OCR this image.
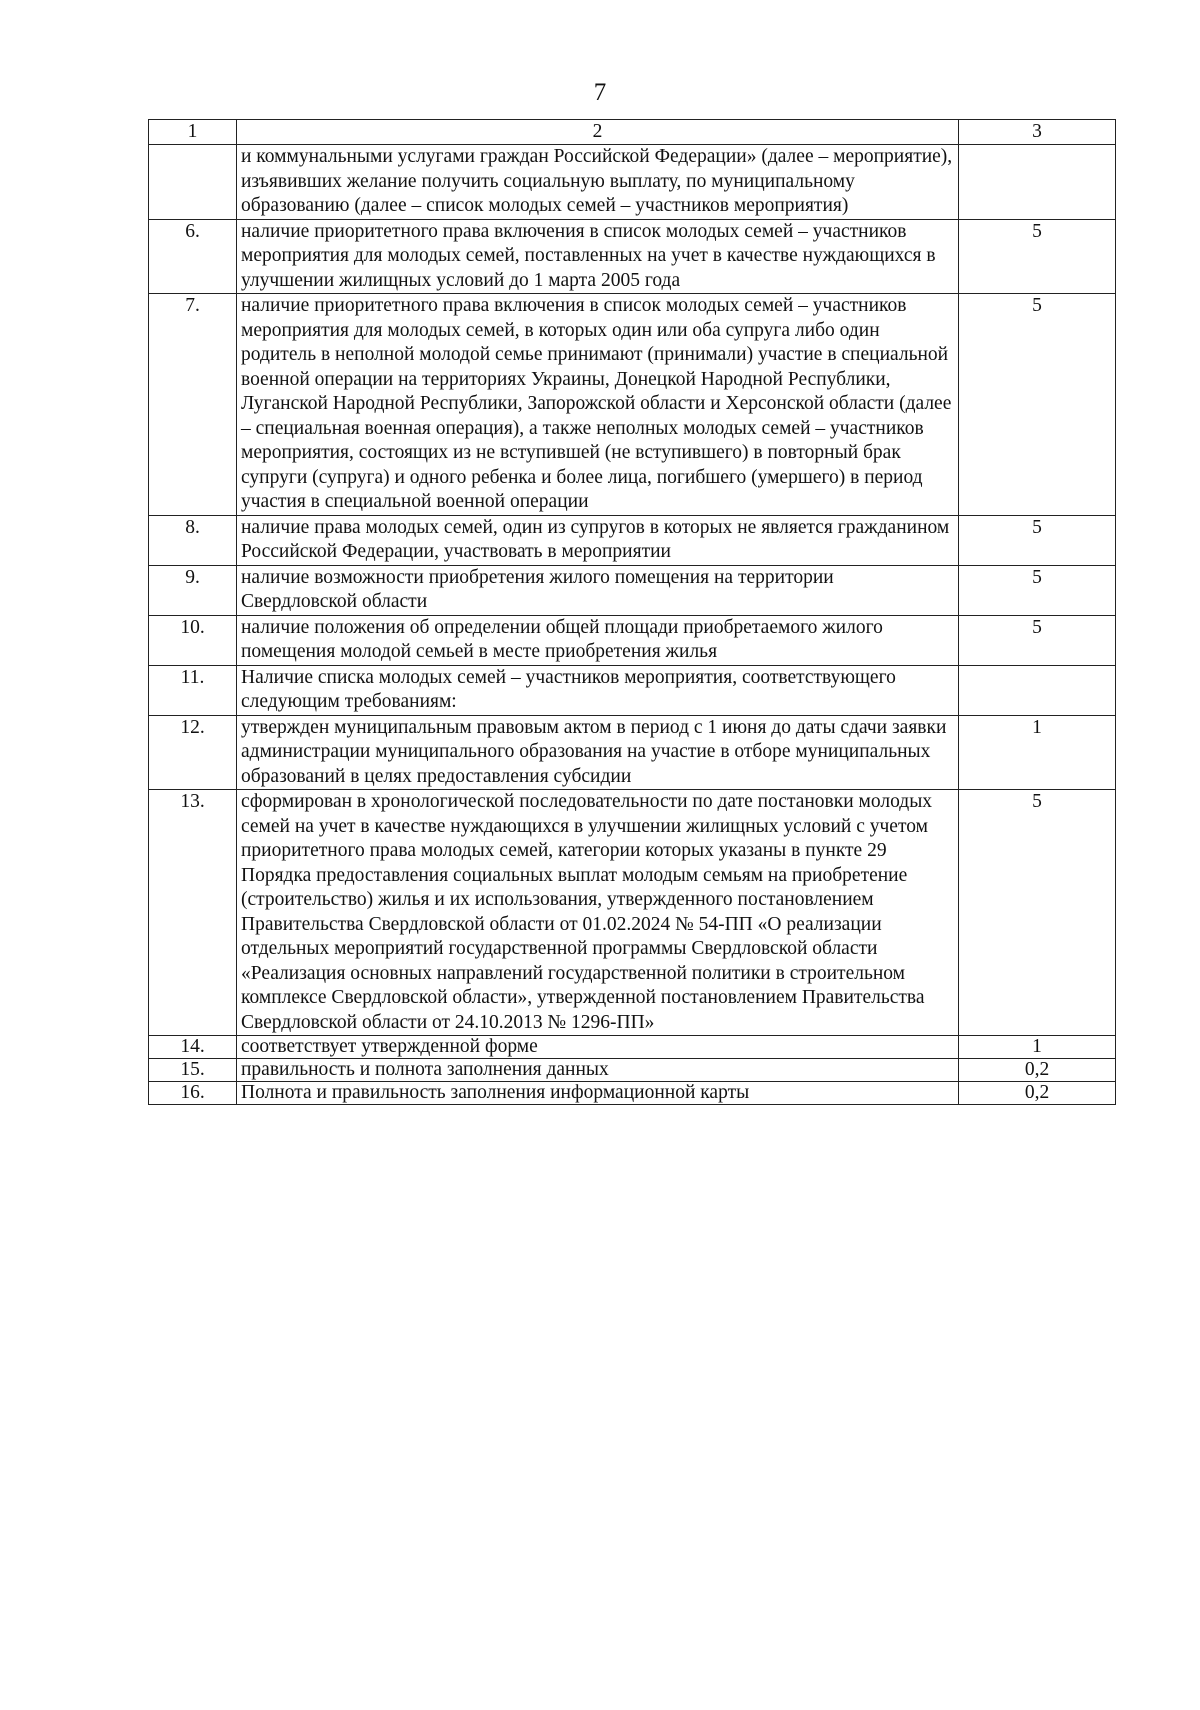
7
1	2	3
	и коммунальными услугами граждан Российской Федерации» (далее – мероприятие), изъявивших желание получить социальную выплату, по муниципальному образованию (далее – список молодых семей – участников мероприятия)	
6.	наличие приоритетного права включения в список молодых семей – участников мероприятия для молодых семей, поставленных на учет в качестве нуждающихся в улучшении жилищных условий до 1 марта 2005 года	5
7.	наличие приоритетного права включения в список молодых семей – участников мероприятия для молодых семей, в которых один или оба супруга либо один родитель в неполной молодой семье принимают (принимали) участие в специальной военной операции на территориях Украины, Донецкой Народной Республики, Луганской Народной Республики, Запорожской области и Херсонской области (далее – специальная военная операция), а также неполных молодых семей – участников мероприятия, состоящих из не вступившей (не вступившего) в повторный брак супруги (супруга) и одного ребенка и более лица, погибшего (умершего) в период участия в специальной военной операции	5
8.	наличие права молодых семей, один из супругов в которых не является гражданином Российской Федерации, участвовать в мероприятии	5
9.	наличие возможности приобретения жилого помещения на территории Свердловской области	5
10.	наличие положения об определении общей площади приобретаемого жилого помещения молодой семьей в месте приобретения жилья	5
11.	Наличие списка молодых семей – участников мероприятия, соответствующего следующим требованиям:	
12.	утвержден муниципальным правовым актом в период с 1 июня до даты сдачи заявки администрации муниципального образования на участие в отборе муниципальных образований в целях предоставления субсидии	1
13.	сформирован в хронологической последовательности по дате постановки молодых семей на учет в качестве нуждающихся в улучшении жилищных условий с учетом приоритетного права молодых семей, категории которых указаны в пункте 29 Порядка предоставления социальных выплат молодым семьям на приобретение (строительство) жилья и их использования, утвержденного постановлением Правительства Свердловской области от 01.02.2024 № 54-ПП «О реализации отдельных мероприятий государственной программы Свердловской области «Реализация основных направлений государственной политики в строительном комплексе Свердловской области», утвержденной постановлением Правительства Свердловской области от 24.10.2013 № 1296-ПП»	5
14.	соответствует утвержденной форме	1
15.	правильность и полнота заполнения данных	0,2
16.	Полнота и правильность заполнения информационной карты	0,2
